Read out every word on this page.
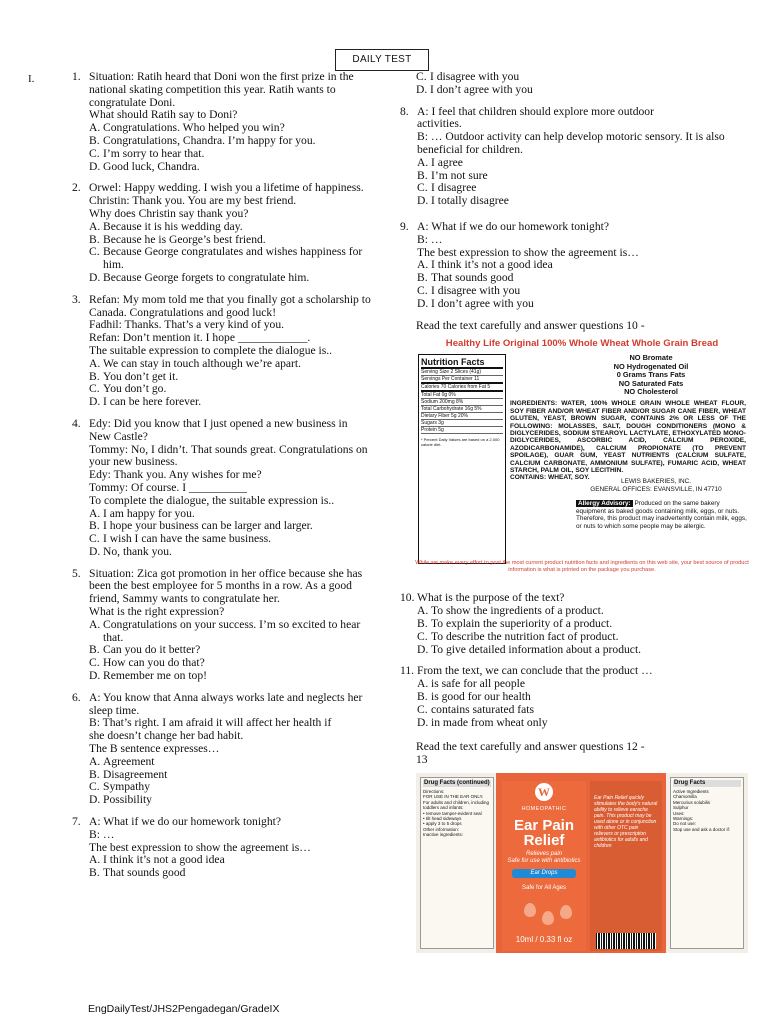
DAILY TEST
I.	1. Situation: Ratih heard that Doni won the first prize in the national skating competition this year. Ratih wants to congratulate Doni.
What should Ratih say to Doni?
A. Congratulations. Who helped you win?
B. Congratulations, Chandra. I’m happy for you.
C. I’m sorry to hear that.
D. Good luck, Chandra.
2. Orwel: Happy wedding. I wish you a lifetime of happiness.
Christin: Thank you. You are my best friend.
Why does Christin say thank you?
A. Because it is his wedding day.
B. Because he is George’s best friend.
C. Because George congratulates and wishes happiness for him.
D. Because George forgets to congratulate him.
3. Refan: My mom told me that you finally got a scholarship to Canada. Congratulations and good luck!
Fadhil: Thanks. That’s a very kind of you.
Refan: Don’t mention it. I hope ____________.
The suitable expression to complete the dialogue is..
A. We can stay in touch although we’re apart.
B. You don’t get it.
C. You don’t go.
D. I can be here forever.
4. Edy: Did you know that I just opened a new business in New Castle?
Tommy: No, I didn’t. That sounds great. Congratulations on your new business.
Edy: Thank you. Any wishes for me?
Tommy: Of course. I __________
To complete the dialogue, the suitable expression is..
A. I am happy for you.
B. I hope your business can be larger and larger.
C. I wish I can have the same business.
D. No, thank you.
5. Situation: Zica got promotion in her office because she has been the best employee for 5 months in a row. As a good friend, Sammy wants to congratulate her.
What is the right expression?
A. Congratulations on your success. I’m so excited to hear that.
B. Can you do it better?
C. How can you do that?
D. Remember me on top!
6. A: You know that Anna always works late and neglects her sleep time.
B: That’s right. I am afraid it will affect her health if
she doesn’t change her bad habit.
The B sentence expresses…
A. Agreement
B. Disagreement
C. Sympathy
D. Possibility
7. A: What if we do our homework tonight?
B: …
The best expression to show the agreement is…
A. I think it’s not a good idea
B. That sounds good
C. I disagree with you
D. I don’t agree with you
8. A: I feel that children should explore more outdoor
activities.
B: … Outdoor activity can help develop motoric sensory. It is also beneficial for children.
A. I agree
B. I’m not sure
C. I disagree
D. I totally disagree
9. A: What if we do our homework tonight?
B: …
The best expression to show the agreement is…
A. I think it’s not a good idea
B. That sounds good
C. I disagree with you
D. I don’t agree with you

Read the text carefully and answer questions 10 -

Healthy Life Original 100% Whole Wheat Whole Grain Bread
Nutrition Facts
Serving Size 2 Slices (41g)
Servings Per Container 11
Calories 70 Calories from Fat 5
Total Fat 0g 0%
Sodium 200mg 8%
Total Carbohydrate 16g 5%
Dietary Fiber 5g 20%
Sugars 3g
Protein 5g
* Percent Daily Values are based on a 2,000 calorie diet.
NO Bromate
NO Hydrogenated Oil
0 Grams Trans Fats
NO Saturated Fats
NO Cholesterol
INGREDIENTS: WATER, 100% WHOLE GRAIN WHOLE WHEAT FLOUR, SOY FIBER AND/OR WHEAT FIBER AND/OR SUGAR CANE FIBER, WHEAT GLUTEN, YEAST, BROWN SUGAR, CONTAINS 2% OR LESS OF THE FOLLOWING: MOLASSES, SALT, DOUGH CONDITIONERS (MONO & DIGLYCERIDES, SODIUM STEAROYL LACTYLATE, ETHOXYLATED MONO- DIGLYCERIDES, ASCORBIC ACID, CALCIUM PEROXIDE, AZODICARBONAMIDE), CALCIUM PROPIONATE (TO PREVENT SPOILAGE), GUAR GUM, YEAST NUTRIENTS (CALCIUM SULFATE, CALCIUM CARBONATE, AMMONIUM SULFATE), FUMARIC ACID, WHEAT STARCH, PALM OIL, SOY LECITHIN.
CONTAINS: WHEAT, SOY.
LEWIS BAKERIES, INC.
GENERAL OFFICES: EVANSVILLE, IN 47710
Allergy Advisory: Produced on the same bakery equipment as baked goods containing milk, eggs, or nuts. Therefore, this product may inadvertently contain milk, eggs, or nuts to which some people may be allergic.
While we make every effort to post the most current product nutrition facts and ingredients on this web site, your best source of product information is what is printed on the package you purchase.
10. What is the purpose of the text?
A. To show the ingredients of a product.
B. To explain the superiority of a product.
C. To describe the nutrition fact of product.
D. To give detailed information about a product.
11. From the text, we can conclude that the product …
A. is safe for all people
B. is good for our health
C. contains saturated fats
D. in made from wheat only

Read the text carefully and answer questions 12 -
13

Drug Facts (continued)
Directions:
FOR USE IN THE EAR ONLY.
For adults and children, including toddlers and infants:
• remove tamper-evident seal
• tilt head sideways
• apply 3 to 5 drops
Other information:
Inactive ingredients:
W
HOMEOPATHIC
Ear Pain
Relief
Relieves pain
Safe for use with antibiotics
Ear Drops
Safe for All Ages
10ml / 0.33 fl oz
Ear Pain Relief quickly stimulates the body's natural ability to relieve earache pain. This product may be used alone or in conjunction with other OTC pain relievers or prescription antibiotics for adults and children
Drug Facts
Active Ingredients
Chamomilla
Mercurius solubilis
Sulphur
Uses:
Warnings:
Do not use:
Stop use and ask a doctor if:
EngDailyTest/JHS2Pengadegan/GradeIX
